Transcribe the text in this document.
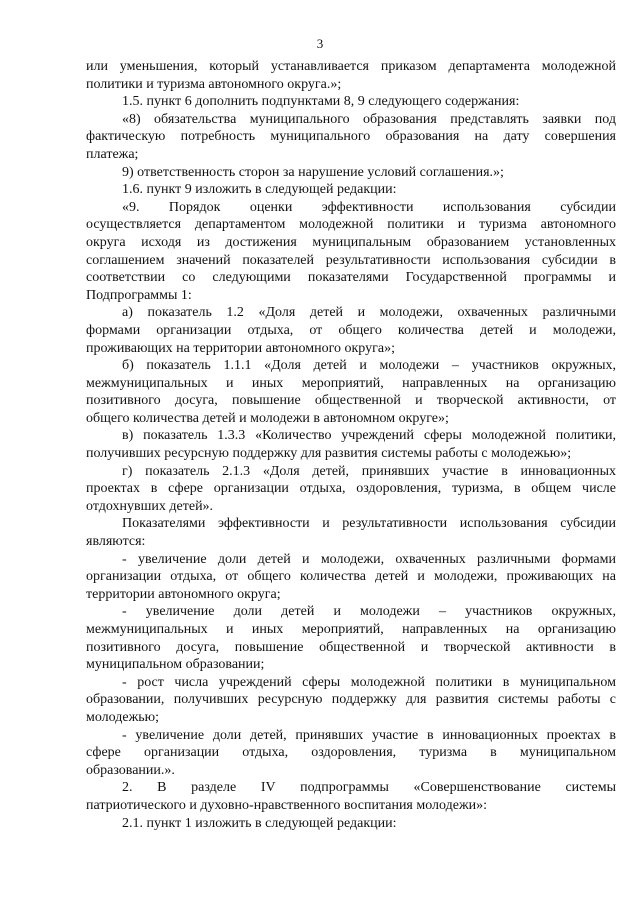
3
или уменьшения, который устанавливается приказом департамента молодежной
политики и туризма автономного округа.»;
1.5. пункт 6 дополнить подпунктами 8, 9 следующего содержания:
«8) обязательства муниципального образования представлять заявки под
фактическую потребность муниципального образования на дату совершения
платежа;
9) ответственность сторон за нарушение условий соглашения.»;
1.6. пункт 9 изложить в следующей редакции:
«9. Порядок оценки эффективности использования субсидии
осуществляется департаментом молодежной политики и туризма автономного
округа исходя из достижения муниципальным образованием установленных
соглашением значений показателей результативности использования субсидии в
соответствии со следующими показателями Государственной программы и
Подпрограммы 1:
а) показатель 1.2 «Доля детей и молодежи, охваченных различными
формами организации отдыха, от общего количества детей и молодежи,
проживающих на территории автономного округа»;
б) показатель 1.1.1 «Доля детей и молодежи – участников окружных,
межмуниципальных и иных мероприятий, направленных на организацию
позитивного досуга, повышение общественной и творческой активности, от
общего количества детей и молодежи в автономном округе»;
в) показатель 1.3.3 «Количество учреждений сферы молодежной политики,
получивших ресурсную поддержку для развития системы работы с молодежью»;
г) показатель 2.1.3 «Доля детей, принявших участие в инновационных
проектах в сфере организации отдыха, оздоровления, туризма, в общем числе
отдохнувших детей».
Показателями эффективности и результативности использования субсидии
являются:
- увеличение доли детей и молодежи, охваченных различными формами
организации отдыха, от общего количества детей и молодежи, проживающих на
территории автономного округа;
- увеличение доли детей и молодежи – участников окружных,
межмуниципальных и иных мероприятий, направленных на организацию
позитивного досуга, повышение общественной и творческой активности в
муниципальном образовании;
- рост числа учреждений сферы молодежной политики в муниципальном
образовании, получивших ресурсную поддержку для развития системы работы с
молодежью;
- увеличение доли детей, принявших участие в инновационных проектах в
сфере организации отдыха, оздоровления, туризма в муниципальном
образовании.».
2. В разделе IV подпрограммы «Совершенствование системы
патриотического и духовно-нравственного воспитания молодежи»:
2.1. пункт 1 изложить в следующей редакции:
